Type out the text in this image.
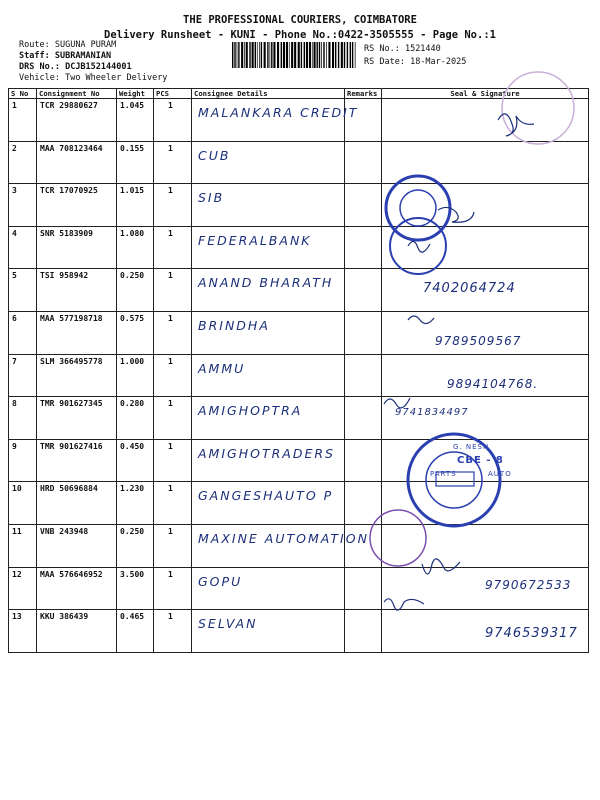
THE PROFESSIONAL COURIERS, COIMBATORE
Delivery Runsheet - KUNI - Phone No.:0422-3505555 - Page No.:1
Route: SUGUNA PURAM
Staff: SUBRAMANIAN
DRS No.: DCJB152144001
Vehicle: Two Wheeler Delivery
RS No.: 1521440
RS Date: 18-Mar-2025
S No	Consignment No	Weight	PCS	Consignee Details	Remarks	Seal & Signature
1	TCR 29880627	1.045	1	MALANKARA CREDIT		

2	MAA 708123464	0.155	1	CUB		

3	TCR 17070925	1.015	1	SIB		

4	SNR 5183909	1.080	1	FEDERALBANK		

5	TSI 958942	0.250	1	ANAND BHARATH		7402064724

6	MAA 577198718	0.575	1	BRINDHA		9789509567

7	SLM 366495778	1.000	1	AMMU		9894104768.

8	TMR 901627345	0.280	1	AMIGHOPTRA		9741834497

9	TMR 901627416	0.450	1	AMIGHOTRADERS		

10	HRD 50696884	1.230	1	GANGESHAUTO P		

11	VNB 243948	0.250	1	MAXINE AUTOMATION		

12	MAA 576646952	3.500	1	GOPU		9790672533

13	KKU 386439	0.465	1	SELVAN		9746539317
CBE - 8
G. NESH
PARTS	AUTO
